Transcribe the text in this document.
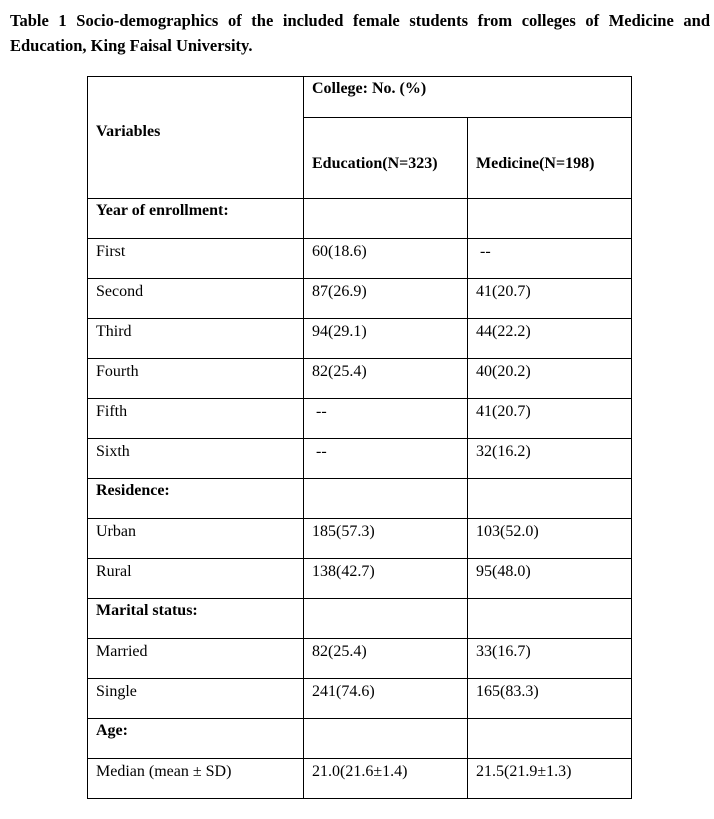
Table 1 Socio-demographics of the included female students from colleges of Medicine and Education, King Faisal University.

Variables	College: No. (%)	
	Education(N=323)	Medicine(N=198)
Year of enrollment:		
First	60(18.6)	--
Second	87(26.9)	41(20.7)
Third	94(29.1)	44(22.2)
Fourth	82(25.4)	40(20.2)
Fifth	--	41(20.7)
Sixth	--	32(16.2)
Residence:		
Urban	185(57.3)	103(52.0)
Rural	138(42.7)	95(48.0)
Marital status:		
Married	82(25.4)	33(16.7)
Single	241(74.6)	165(83.3)
Age:		
Median (mean ± SD)	21.0(21.6±1.4)	21.5(21.9±1.3)
